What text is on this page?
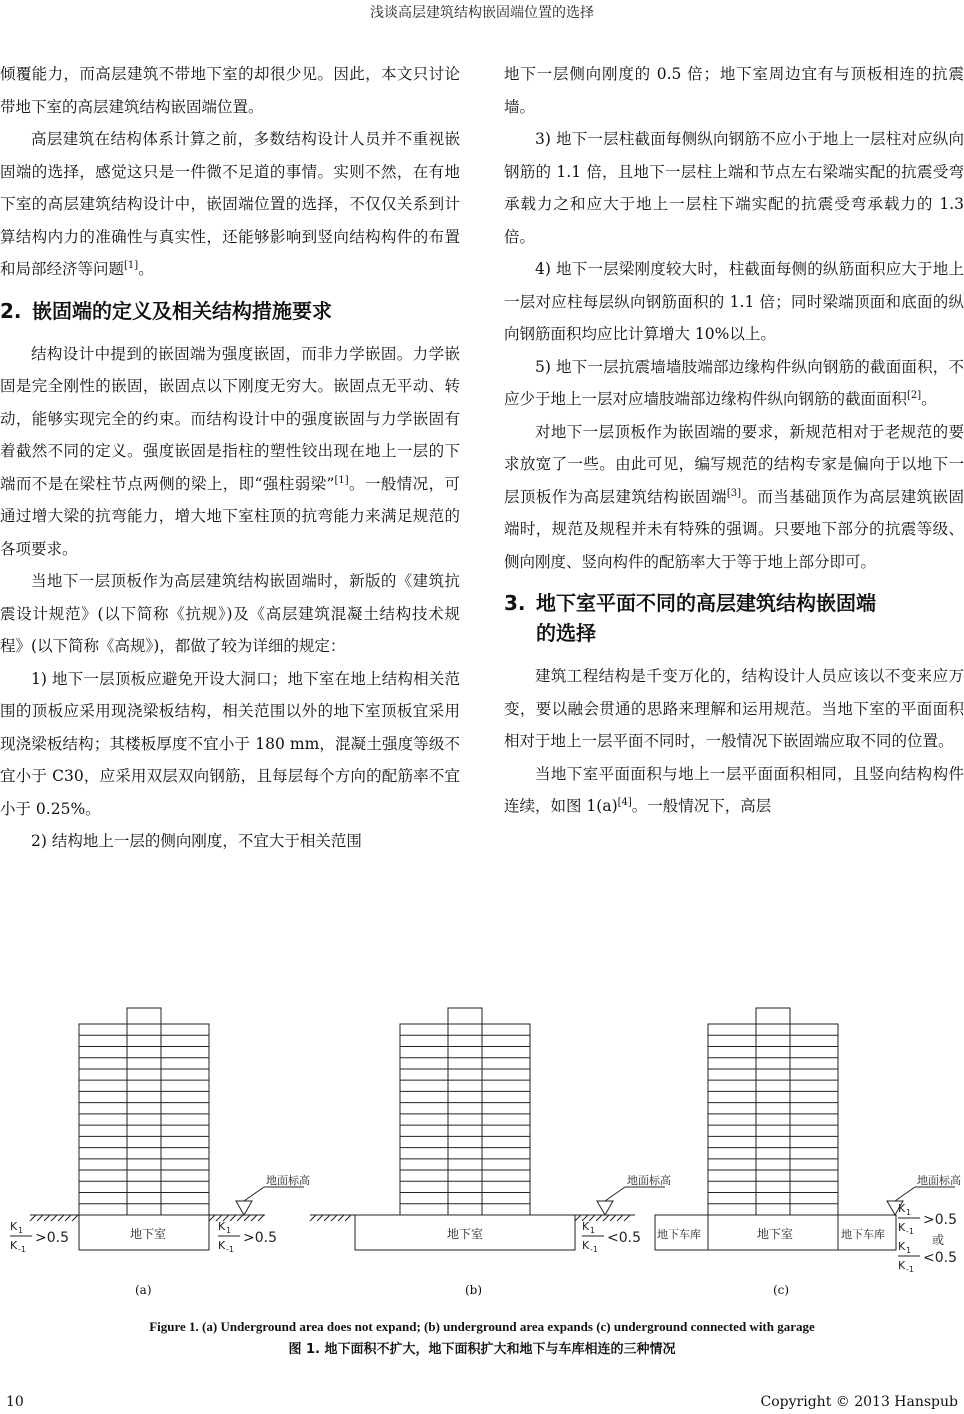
浅谈高层建筑结构嵌固端位置的选择

倾覆能力，而高层建筑不带地下室的却很少见。因此，本文只讨论带地下室的高层建筑结构嵌固端位置。

高层建筑在结构体系计算之前，多数结构设计人员并不重视嵌固端的选择，感觉这只是一件微不足道的事情。实则不然，在有地下室的高层建筑结构设计中，嵌固端位置的选择，不仅仅关系到计算结构内力的准确性与真实性，还能够影响到竖向结构构件的布置和局部经济等问题[1]。

2. 嵌固端的定义及相关结构措施要求

结构设计中提到的嵌固端为强度嵌固，而非力学嵌固。力学嵌固是完全刚性的嵌固，嵌固点以下刚度无穷大。嵌固点无平动、转动，能够实现完全的约束。而结构设计中的强度嵌固与力学嵌固有着截然不同的定义。强度嵌固是指柱的塑性铰出现在地上一层的下端而不是在梁柱节点两侧的梁上，即“强柱弱梁”[1]。一般情况，可通过增大梁的抗弯能力，增大地下室柱顶的抗弯能力来满足规范的各项要求。

当地下一层顶板作为高层建筑结构嵌固端时，新版的《建筑抗震设计规范》(以下简称《抗规》)及《高层建筑混凝土结构技术规程》(以下简称《高规》)，都做了较为详细的规定：

1) 地下一层顶板应避免开设大洞口；地下室在地上结构相关范围的顶板应采用现浇梁板结构，相关范围以外的地下室顶板宜采用现浇梁板结构；其楼板厚度不宜小于 180 mm，混凝土强度等级不宜小于 C30，应采用双层双向钢筋，且每层每个方向的配筋率不宜小于 0.25%。

2) 结构地上一层的侧向刚度，不宜大于相关范围

地下一层侧向刚度的 0.5 倍；地下室周边宜有与顶板相连的抗震墙。

3) 地下一层柱截面每侧纵向钢筋不应小于地上一层柱对应纵向钢筋的 1.1 倍，且地下一层柱上端和节点左右梁端实配的抗震受弯承载力之和应大于地上一层柱下端实配的抗震受弯承载力的 1.3 倍。

4) 地下一层梁刚度较大时，柱截面每侧的纵筋面积应大于地上一层对应柱每层纵向钢筋面积的 1.1 倍；同时梁端顶面和底面的纵向钢筋面积均应比计算增大 10%以上。

5) 地下一层抗震墙墙肢端部边缘构件纵向钢筋的截面面积，不应少于地上一层对应墙肢端部边缘构件纵向钢筋的截面面积[2]。

对地下一层顶板作为嵌固端的要求，新规范相对于老规范的要求放宽了一些。由此可见，编写规范的结构专家是偏向于以地下一层顶板作为高层建筑结构嵌固端[3]。而当基础顶作为高层建筑嵌固端时，规范及规程并未有特殊的强调。只要地下部分的抗震等级、侧向刚度、竖向构件的配筋率大于等于地上部分即可。

3. 地下室平面不同的高层建筑结构嵌固端
的选择

建筑工程结构是千变万化的，结构设计人员应该以不变来应万变，要以融会贯通的思路来理解和运用规范。当地下室的平面面积相对于地上一层平面不同时，一般情况下嵌固端应取不同的位置。

当地下室平面面积与地上一层平面面积相同，且竖向结构构件连续，如图 1(a)[4]。一般情况下，高层

地下室
地面标高
K 1
K -1
>0.5
K 1
K -1
>0.5	地下室
地面标高
K 1
K -1
<0.5	地下室
地下车库	地下车库
地面标高
K 1
K -1
>0.5
或
K 1
K -1
<0.5
(a)	(b)	(c)
Figure 1. (a) Underground area does not expand; (b) underground area expands (c) underground connected with garage
图 1. 地下面积不扩大，地下面积扩大和地下与车库相连的三种情况
10	Copyright © 2013 Hanspub
